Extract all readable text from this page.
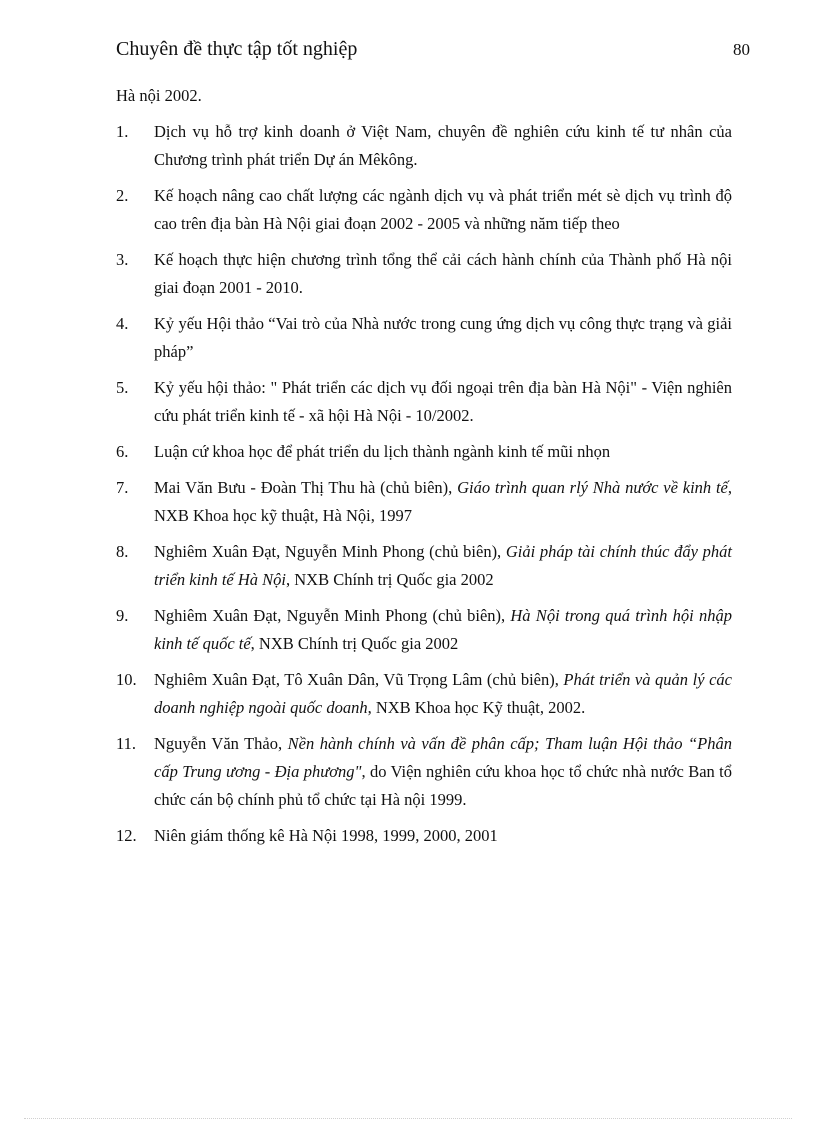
Chuyên đề thực tập tốt nghiệp	80
Hà nội 2002.
1.	Dịch vụ hỗ trợ kinh doanh ở Việt Nam, chuyên đề nghiên cứu kinh tế tư nhân của Chương trình phát triển Dự án Mêkông.
2.	Kế hoạch nâng cao chất lượng các ngành dịch vụ và phát triển mét sè dịch vụ trình độ cao trên địa bàn Hà Nội giai đoạn 2002 - 2005 và những năm tiếp theo
3.	Kế hoạch thực hiện chương trình tổng thể cải cách hành chính của Thành phố Hà nội giai đoạn 2001 - 2010.
4.	Kỷ yếu Hội thảo “Vai trò của Nhà nước trong cung ứng dịch vụ công thực trạng và giải pháp”
5.	Kỷ yếu hội thảo: " Phát triển các dịch vụ đối ngoại trên địa bàn Hà Nội" - Viện nghiên cứu phát triển kinh tế - xã hội Hà Nội - 10/2002.
6.	Luận cứ khoa học để phát triển du lịch thành ngành kinh tế mũi nhọn
7.	Mai Văn Bưu - Đoàn Thị Thu hà (chủ biên), Giáo trình quan rlý Nhà nước về kinh tế, NXB Khoa học kỹ thuật, Hà Nội, 1997
8.	Nghiêm Xuân Đạt, Nguyễn Minh Phong (chủ biên), Giải pháp tài chính thúc đẩy phát triển kinh tế Hà Nội, NXB Chính trị Quốc gia 2002
9.	Nghiêm Xuân Đạt, Nguyễn Minh Phong (chủ biên), Hà Nội trong quá trình hội nhập kinh tế quốc tế, NXB Chính trị Quốc gia 2002
10.	Nghiêm Xuân Đạt, Tô Xuân Dân, Vũ Trọng Lâm (chủ biên), Phát triển và quản lý các doanh nghiệp ngoài quốc doanh, NXB Khoa học Kỹ thuật, 2002.
11.	Nguyễn Văn Thảo, Nền hành chính và vấn đề phân cấp; Tham luận Hội thảo “Phân cấp Trung ương - Địa phương", do Viện nghiên cứu khoa học tổ chức nhà nước Ban tổ chức cán bộ chính phủ tổ chức tại Hà nội 1999.
12.	Niên giám thống kê Hà Nội 1998, 1999, 2000, 2001
